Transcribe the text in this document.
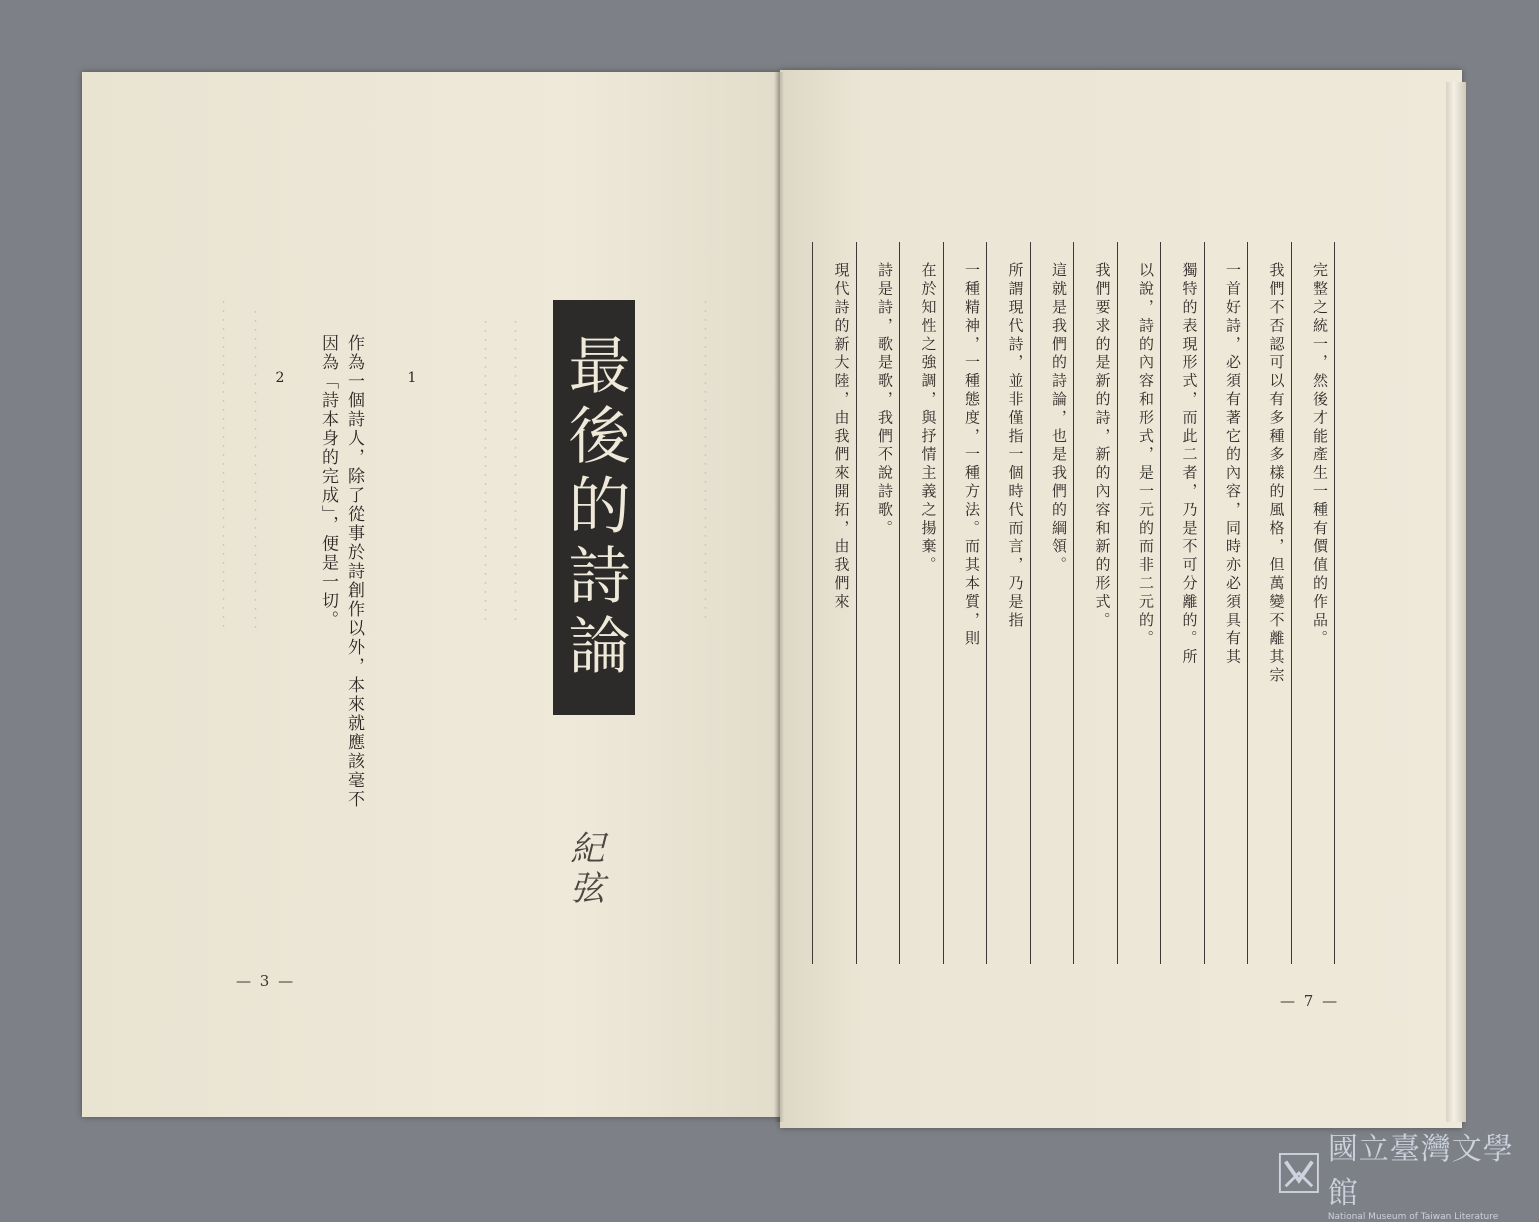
．．．．．．．．．．．．．．．．．．．．．．．．．．．．．．．．．．．．． ．．．．．．．．．．．．．．．．．．．．．．．．．．．．．．．．．．．．	．．．．．．．．．．．．．．．．．．．．．．．．．．．．．．．．．． ．．．．．．．．．．．．．．．．．．．．．．．．．．．．．．．．．．	．．．．．．．．．．．．．．．．．．．．．．．．．．．．．．．．．．．．
1
2	作為一個詩人，除了從事於詩創作以外，本來就應該毫不
因為「詩本身的完成」，便是一切。	最後的詩論
紀弦
— 3 —
完整之統一，然後才能產生一種有價值的作品。
我們不否認可以有多種多樣的風格，但萬變不離其宗
一首好詩，必須有著它的內容，同時亦必須具有其
獨特的表現形式，而此二者，乃是不可分離的。所
以說，詩的內容和形式，是一元的而非二元的。
我們要求的是新的詩，新的內容和新的形式。
這就是我們的詩論，也是我們的綱領。
所謂現代詩，並非僅指一個時代而言，乃是指
一種精神，一種態度，一種方法。而其本質，則
在於知性之強調，與抒情主義之揚棄。
詩是詩，歌是歌，我們不說詩歌。
現代詩的新大陸，由我們來開拓，由我們來
— 7 —
國立臺灣文學館
National Museum of Taiwan Literature
